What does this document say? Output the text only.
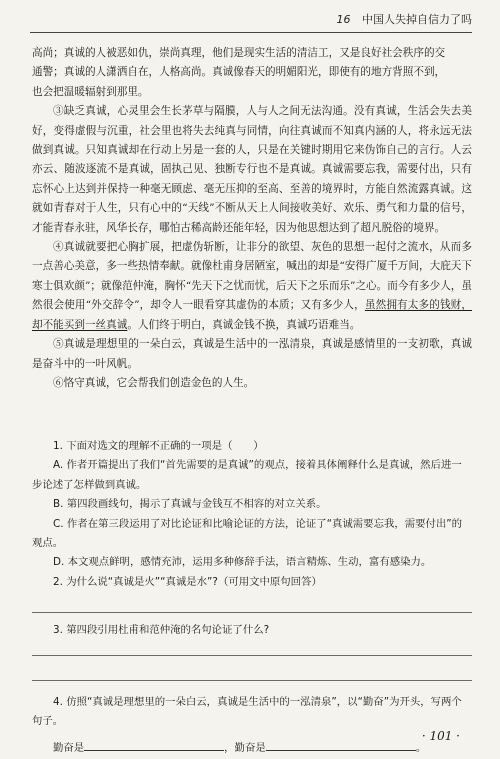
16 中国人失掉自信力了吗

高尚；真诚的人被恶如仇，崇尚真理，他们是现实生活的清洁工，又是良好社会秩序的交

通警；真诚的人潇洒自在，人格高尚。真诚像春天的明媚阳光，即使有的地方背照不到，

也会把温暖辐射到那里。

③缺乏真诚，心灵里会生长茅草与隔膜，人与人之间无法沟通。没有真诚，生活会失去美好，变得虚假与沉重，社会里也将失去纯真与同情，向往真诚而不知真内涵的人，将永远无法做到真诚。只知真诚却在行动上另是一套的人，只是在关键时期用它来伪饰自己的言行。人云亦云、随波逐流不是真诚，固执己见、独断专行也不是真诚。真诚需要忘我，需要付出，只有忘怀心上达到并保持一种毫无顾虑、毫无压抑的至高、至善的境界时，方能自然流露真诚。这就如青春对于人生，只有心中的“天线”不断从天上人间接收美好、欢乐、勇气和力量的信号，才能青春永驻，风华长存，哪怕古稀高龄还能年轻，因为他思想达到了超凡脱俗的境界。

④真诚就要把心胸扩展，把虚伪斩断，让非分的欲望、灰色的思想一起付之流水，从而多一点善心美意，多一些热情奉献。就像杜甫身居陋室，喊出的却是“安得广厦千万间，大庇天下寒士俱欢颜”；就像范仲淹，胸怀“先天下之忧而忧，后天下之乐而乐”之心。而今有多少人，虽然很会使用“外交辞令”，却令人一眼看穿其虚伪的本质；又有多少人，虽然拥有太多的钱财，却不能买到一丝真诚。人们终于明白，真诚金钱不换，真诚巧语难当。

⑤真诚是理想里的一朵白云，真诚是生活中的一泓清泉，真诚是感情里的一支初歌，真诚是奋斗中的一叶风帆。

⑥恪守真诚，它会帮我们创造金色的人生。

1. 下面对选文的理解不正确的一项是（　　）

A. 作者开篇提出了我们“首先需要的是真诚”的观点，接着具体阐释什么是真诚，然后进一步论述了怎样做到真诚。

B. 第四段画线句，揭示了真诚与金钱互不相容的对立关系。

C. 作者在第三段运用了对比论证和比喻论证的方法，论证了“真诚需要忘我，需要付出”的观点。

D. 本文观点鲜明，感情充沛，运用多种修辞手法，语言精炼、生动，富有感染力。

2. 为什么说“真诚是火”“真诚是水”?（可用文中原句回答）

3. 第四段引用杜甫和范仲淹的名句论证了什么?

4. 仿照“真诚是理想里的一朵白云，真诚是生活中的一泓清泉”，以“勤奋”为开头，写两个句子。

勤奋是	，勤奋是	。

· 101 ·
